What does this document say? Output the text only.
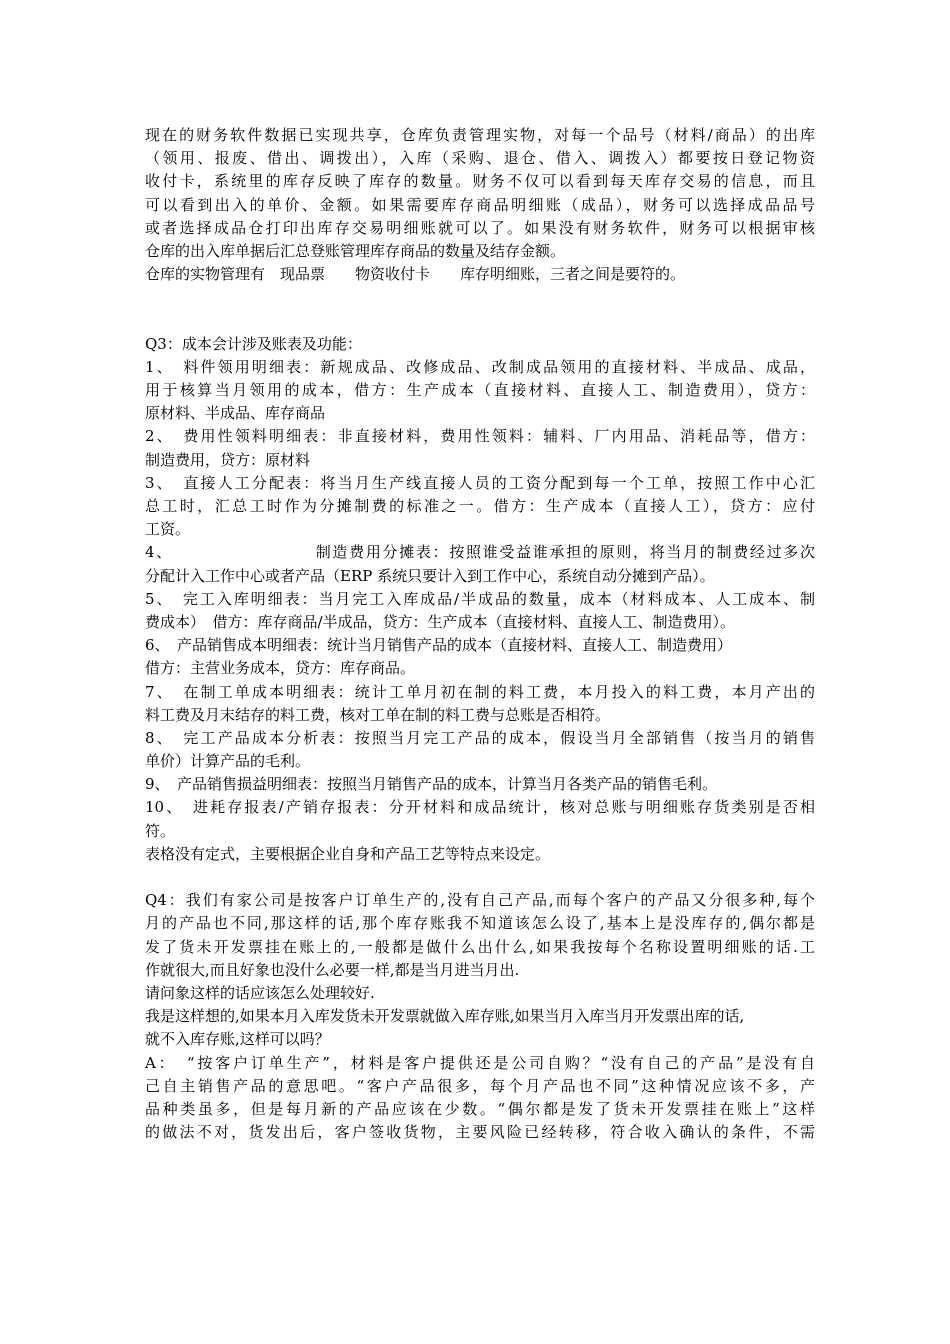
现在的财务软件数据已实现共享，仓库负责管理实物，对每一个品号（材料/商品）的出库
（领用、报废、借出、调拨出），入库（采购、退仓、借入、调拨入）都要按日登记物资
收付卡，系统里的库存反映了库存的数量。财务不仅可以看到每天库存交易的信息，而且
可以看到出入的单价、金额。如果需要库存商品明细账（成品），财务可以选择成品品号
或者选择成品仓打印出库存交易明细账就可以了。如果没有财务软件，财务可以根据审核
仓库的出入库单据后汇总登账管理库存商品的数量及结存金额。
仓库的实物管理有　现品票　　物资收付卡　　库存明细账，三者之间是要符的。
Q3：成本会计涉及账表及功能：
1、　料件领用明细表：新规成品、改修成品、改制成品领用的直接材料、半成品、成品，
用于核算当月领用的成本，借方：生产成本（直接材料、直接人工、制造费用），贷方：
原材料、半成品、库存商品
2、　费用性领料明细表：非直接材料，费用性领料：辅料、厂内用品、消耗品等，借方：
制造费用，贷方：原材料
3、　直接人工分配表：将当月生产线直接人员的工资分配到每一个工单，按照工作中心汇
总工时，汇总工时作为分摊制费的标准之一。借方：生产成本（直接人工），贷方：应付
工资。
4、　　　　　　　　　制造费用分摊表：按照谁受益谁承担的原则，将当月的制费经过多次
分配计入工作中心或者产品（ERP 系统只要计入到工作中心，系统自动分摊到产品）。
5、　完工入库明细表：当月完工入库成品/半成品的数量，成本（材料成本、人工成本、制
费成本）　借方：库存商品/半成品，贷方：生产成本（直接材料、直接人工、制造费用）。
6、　产品销售成本明细表：统计当月销售产品的成本（直接材料、直接人工、制造费用）
借方：主营业务成本，贷方：库存商品。
7、　在制工单成本明细表：统计工单月初在制的料工费，本月投入的料工费，本月产出的
料工费及月末结存的料工费，核对工单在制的料工费与总账是否相符。
8、　完工产品成本分析表：按照当月完工产品的成本，假设当月全部销售（按当月的销售
单价）计算产品的毛利。
9、　产品销售损益明细表：按照当月销售产品的成本，计算当月各类产品的销售毛利。
10、　进耗存报表/产销存报表：分开材料和成品统计，核对总账与明细账存货类别是否相
符。
表格没有定式，主要根据企业自身和产品工艺等特点来设定。
Q4：我们有家公司是按客户订单生产的,没有自己产品,而每个客户的产品又分很多种,每个
月的产品也不同,那这样的话,那个库存账我不知道该怎么设了,基本上是没库存的,偶尔都是
发了货未开发票挂在账上的,一般都是做什么出什么,如果我按每个名称设置明细账的话.工
作就很大,而且好象也没什么必要一样,都是当月进当月出.
请问象这样的话应该怎么处理较好.
我是这样想的,如果本月入库发货未开发票就做入库存账,如果当月入库当月开发票出库的话,
就不入库存账,这样可以吗？
A：　“按客户订单生产”，材料是客户提供还是公司自购？“没有自己的产品”是没有自
己自主销售产品的意思吧。“客户产品很多，每个月产品也不同”这种情况应该不多，产
品种类虽多，但是每月新的产品应该在少数。“偶尔都是发了货未开发票挂在账上”这样
的做法不对，货发出后，客户签收货物，主要风险已经转移，符合收入确认的条件，不需
